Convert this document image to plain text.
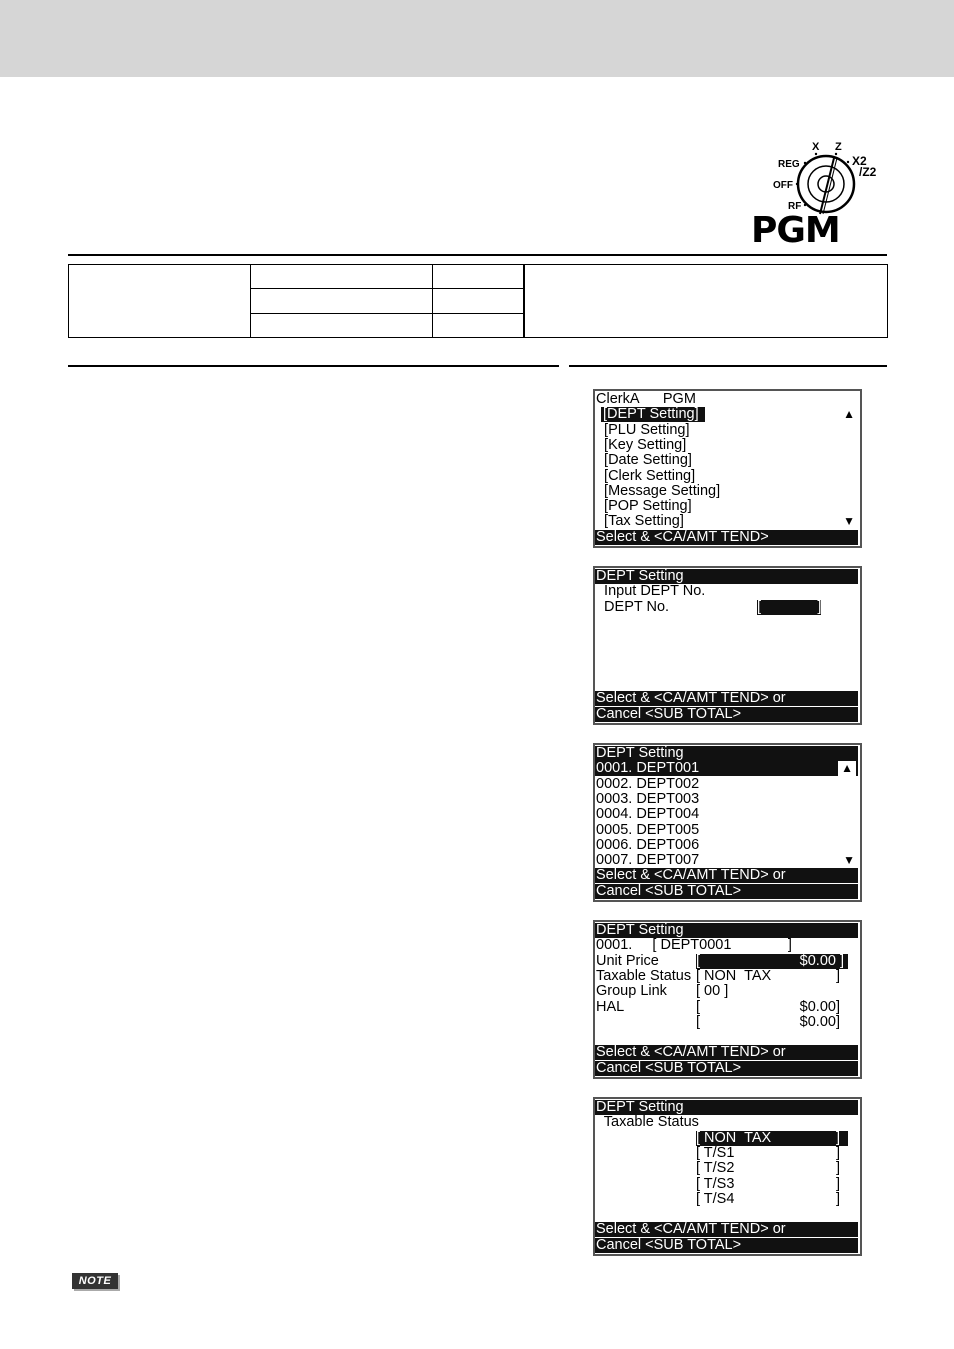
X Z
REG	X2
/Z2
OFF
RF
PGM

ClerkA      PGM
[DEPT Setting]	▲
[PLU Setting]
[Key Setting]
[Date Setting]
[Clerk Setting]
[Message Setting]
[POP Setting]
[Tax Setting]	▼
Select & <CA/AMT TEND>
DEPT Setting
Input DEPT No.
DEPT No.	[              ]
Select & <CA/AMT TEND> or
Cancel <SUB TOTAL>
DEPT Setting
0001. DEPT001	▲
0002. DEPT002
0003. DEPT003
0004. DEPT004
0005. DEPT005
0006. DEPT006
0007. DEPT007	▼
Select & <CA/AMT TEND> or
Cancel <SUB TOTAL>
DEPT Setting
0001.     [ DEPT0001              ]
Unit Price	[	$0.00 ]
Taxable Status [ NON  TAX	]
Group Link [ 00 ]
HAL	[	$0.00]
[	$0.00]
Select & <CA/AMT TEND> or
Cancel <SUB TOTAL>
DEPT Setting
Taxable Status
[ NON  TAX	]
[ T/S1	]
[ T/S2	]
[ T/S3	]
[ T/S4	]
Select & <CA/AMT TEND> or
Cancel <SUB TOTAL>
NOTE
